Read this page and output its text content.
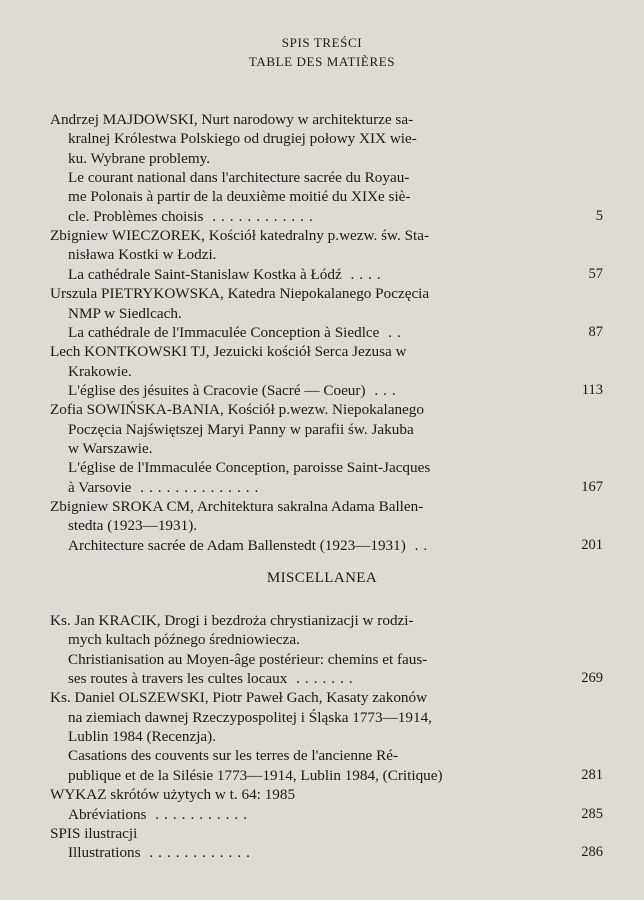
SPIS TREŚCI
TABLE DES MATIÈRES
Andrzej MAJDOWSKI, Nurt narodowy w architekturze sa-
kralnej Królestwa Polskiego od drugiej połowy XIX wie-
ku. Wybrane problemy.
Le courant national dans l'architecture sacrée du Royau-
me Polonais à partir de la deuxième moitié du XIXe siè-
cle. Problèmes choisis ............	5
Zbigniew WIECZOREK, Kościół katedralny p.wezw. św. Sta-
nisława Kostki w Łodzi.
La cathédrale Saint-Stanislaw Kostka à Łódź ....	57
Urszula PIETRYKOWSKA, Katedra Niepokalanego Poczęcia
NMP w Siedlcach.
La cathédrale de l'Immaculée Conception à Siedlce ..	87
Lech KONTKOWSKI TJ, Jezuicki kościół Serca Jezusa w
Krakowie.
L'église des jésuites à Cracovie (Sacré — Coeur) ...	113
Zofia SOWIŃSKA-BANIA, Kościół p.wezw. Niepokalanego
Poczęcia Najświętszej Maryi Panny w parafii św. Jakuba
w Warszawie.
L'église de l'Immaculée Conception, paroisse Saint-Jacques
à Varsovie ..............	167
Zbigniew SROKA CM, Architektura sakralna Adama Ballen-
stedta (1923—1931).
Architecture sacrée de Adam Ballenstedt (1923—1931) ..	201
MISCELLANEA
Ks. Jan KRACIK, Drogi i bezdroża chrystianizacji w rodzi-
mych kultach późnego średniowiecza.
Christianisation au Moyen-âge postérieur: chemins et faus-
ses routes à travers les cultes locaux .......	269
Ks. Daniel OLSZEWSKI, Piotr Paweł Gach, Kasaty zakonów
na ziemiach dawnej Rzeczypospolitej i Śląska 1773—1914,
Lublin 1984 (Recenzja).
Casations des couvents sur les terres de l'ancienne Ré-
publique et de la Silésie 1773—1914, Lublin 1984, (Critique)	281
WYKAZ skrótów użytych w t. 64: 1985
Abréviations ...........	285
SPIS ilustracji
Illustrations ............	286
